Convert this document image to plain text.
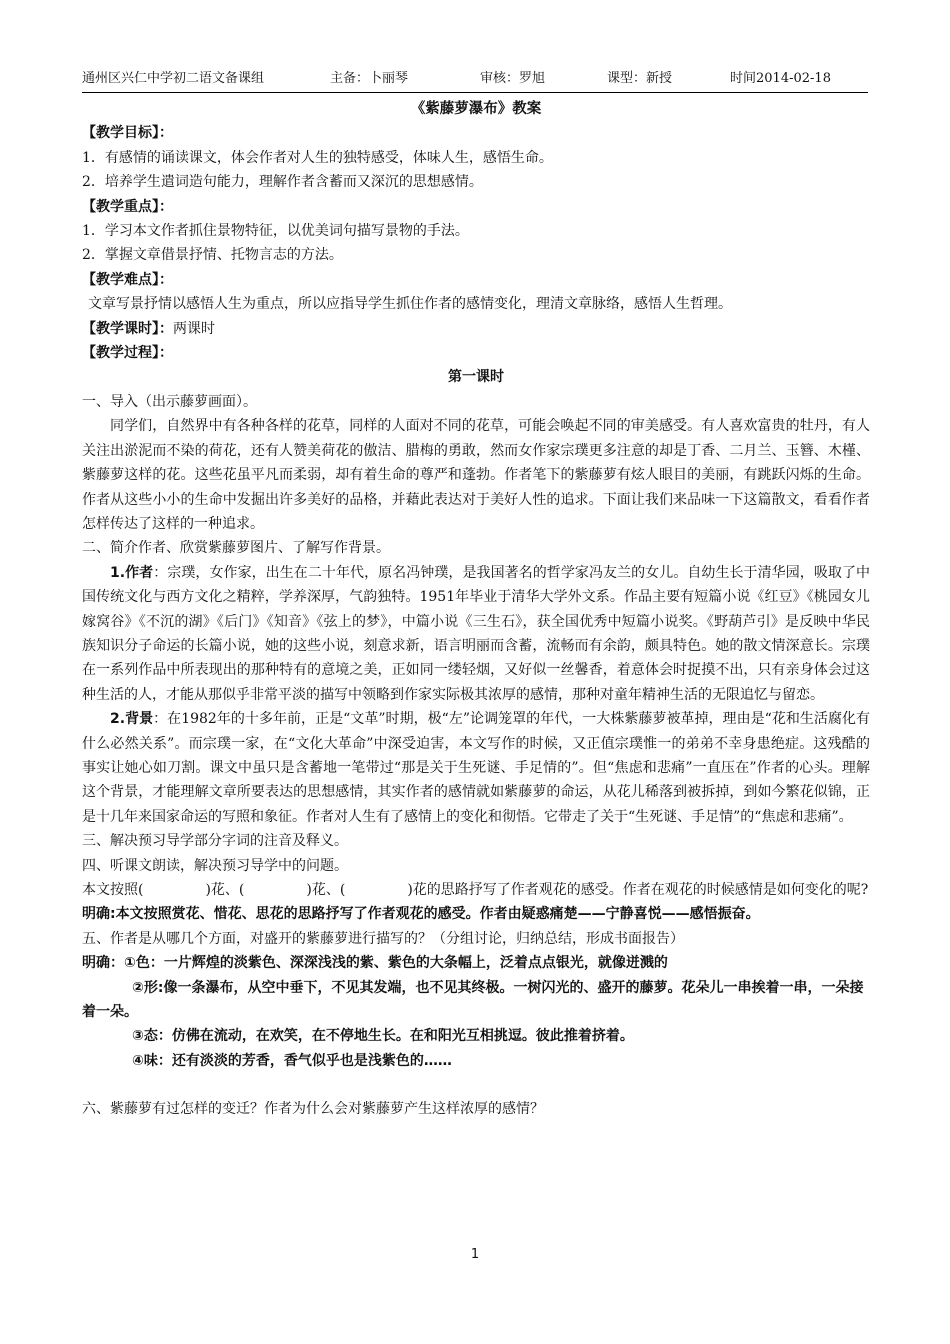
通州区兴仁中学初二语文备课组	主备：卜丽琴	审核：罗旭	课型：新授	时间2014-02-18

《紫藤萝瀑布》教案

【教学目标】：

1．有感情的诵读课文，体会作者对人生的独特感受，体味人生，感悟生命。

2．培养学生遣词造句能力，理解作者含蓄而又深沉的思想感情。

【教学重点】：

1．学习本文作者抓住景物特征，以优美词句描写景物的手法。

2．掌握文章借景抒情、托物言志的方法。

【教学难点】：

文章写景抒情以感悟人生为重点，所以应指导学生抓住作者的感情变化，理清文章脉络，感悟人生哲理。

【教学课时】：两课时

【教学过程】：

第一课时

一、导入（出示藤萝画面）。

同学们，自然界中有各种各样的花草，同样的人面对不同的花草，可能会唤起不同的审美感受。有人喜欢富贵的牡丹，有人关注出淤泥而不染的荷花，还有人赞美荷花的傲洁、腊梅的勇敢，然而女作家宗璞更多注意的却是丁香、二月兰、玉簪、木槿、紫藤萝这样的花。这些花虽平凡而柔弱，却有着生命的尊严和蓬勃。作者笔下的紫藤萝有炫人眼目的美丽，有跳跃闪烁的生命。作者从这些小小的生命中发掘出许多美好的品格，并藉此表达对于美好人性的追求。下面让我们来品味一下这篇散文，看看作者怎样传达了这样的一种追求。

二、简介作者、欣赏紫藤萝图片、了解写作背景。

1.作者：宗璞，女作家，出生在二十年代，原名冯钟璞，是我国著名的哲学家冯友兰的女儿。自幼生长于清华园，吸取了中国传统文化与西方文化之精粹，学养深厚，气韵独特。1951年毕业于清华大学外文系。作品主要有短篇小说《红豆》《桃园女儿嫁窝谷》《不沉的湖》《后门》《知音》《弦上的梦》，中篇小说《三生石》，获全国优秀中短篇小说奖。《野葫芦引》是反映中华民族知识分子命运的长篇小说，她的这些小说，刻意求新，语言明丽而含蓄，流畅而有余韵，颇具特色。她的散文情深意长。宗璞在一系列作品中所表现出的那种特有的意境之美，正如同一缕轻烟，又好似一丝馨香，着意体会时捉摸不出，只有亲身体会过这种生活的人，才能从那似乎非常平淡的描写中领略到作家实际极其浓厚的感情，那种对童年精神生活的无限追忆与留恋。

2.背景：在1982年的十多年前，正是“文革”时期，极“左”论调笼罩的年代，一大株紫藤萝被革掉，理由是“花和生活腐化有什么必然关系”。而宗璞一家，在“文化大革命”中深受迫害，本文写作的时候，又正值宗璞惟一的弟弟不幸身患绝症。这残酷的事实让她心如刀割。课文中虽只是含蓄地一笔带过“那是关于生死谜、手足情的”。但“焦虑和悲痛”一直压在”作者的心头。理解这个背景，才能理解文章所要表达的思想感情，其实作者的感情就如紫藤萝的命运，从花儿稀落到被拆掉，到如今繁花似锦，正是十几年来国家命运的写照和象征。作者对人生有了感情上的变化和彻悟。它带走了关于“生死谜、手足情”的“焦虑和悲痛”。

三、解决预习导学部分字词的注音及释义。

四、听课文朗读，解决预习导学中的问题。

本文按照(	)花、(	)花、(	)花的思路抒写了作者观花的感受。作者在观花的时候感情是如何变化的呢?

明确:本文按照赏花、惜花、思花的思路抒写了作者观花的感受。作者由疑惑痛楚——宁静喜悦——感悟振奋。

五、作者是从哪几个方面，对盛开的紫藤萝进行描写的？（分组讨论，归纳总结，形成书面报告）

明确：①色：一片辉煌的淡紫色、深深浅浅的紫、紫色的大条幅上，泛着点点银光，就像迸溅的

②形:像一条瀑布，从空中垂下，不见其发端，也不见其终极。一树闪光的、盛开的藤萝。花朵儿一串挨着一串，一朵接着一朵。

③态：仿佛在流动，在欢笑，在不停地生长。在和阳光互相挑逗。彼此推着挤着。

④味：还有淡淡的芳香，香气似乎也是浅紫色的……

六、紫藤萝有过怎样的变迁？作者为什么会对紫藤萝产生这样浓厚的感情？

1
